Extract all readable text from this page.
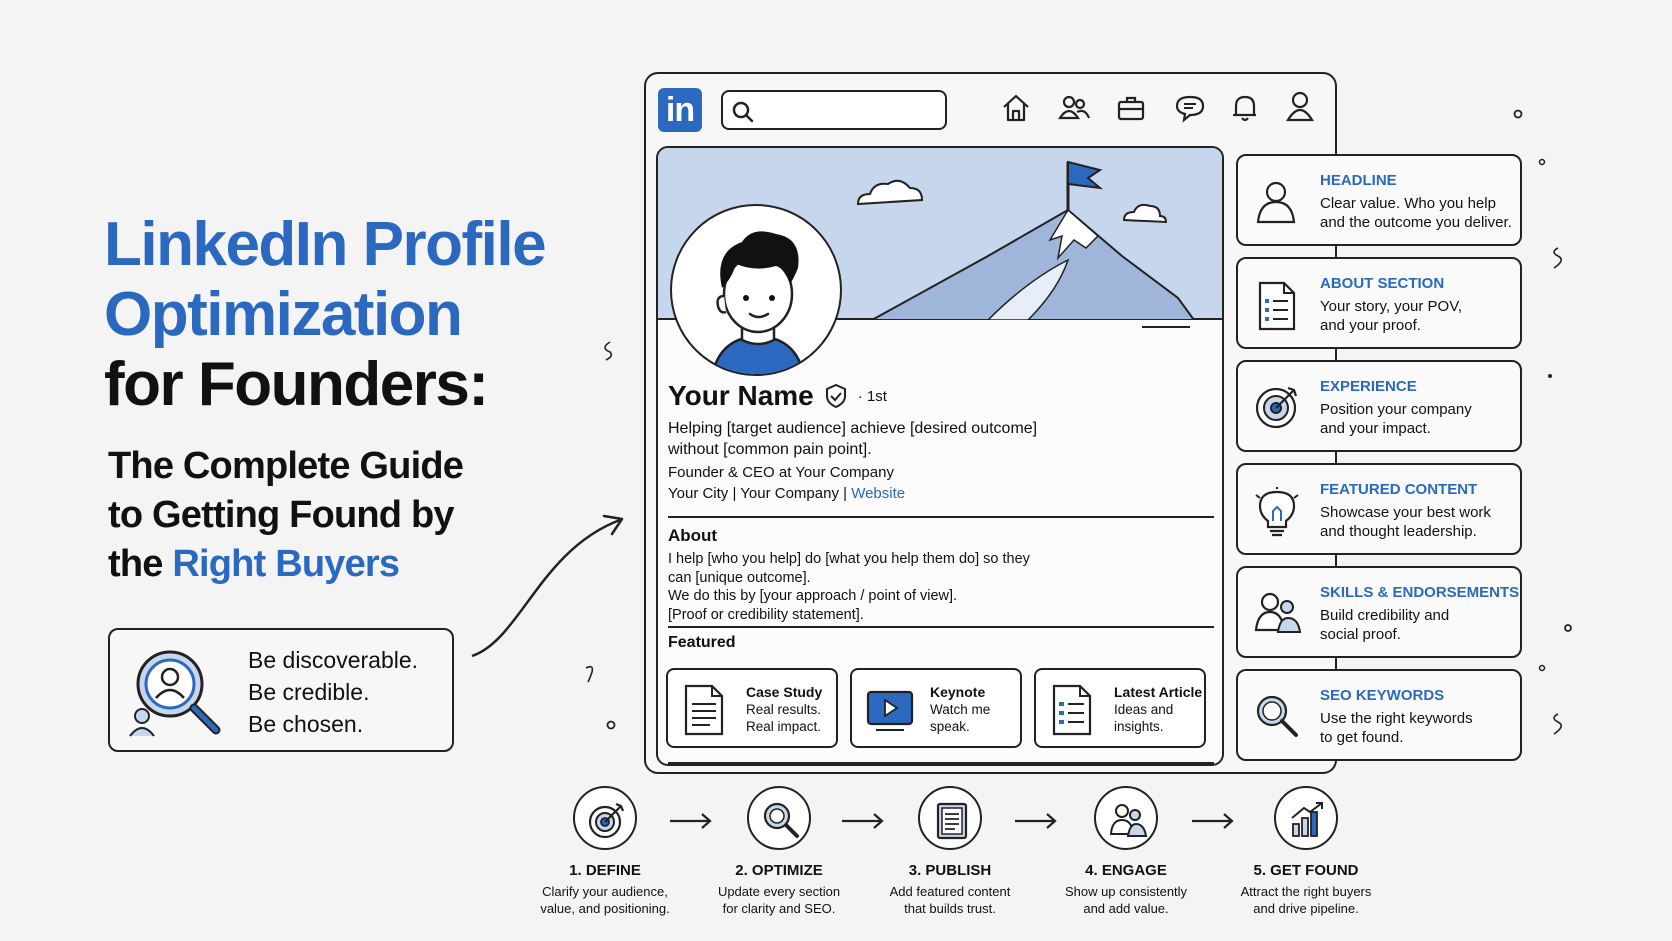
LinkedIn Profile
Optimization
for Founders:
The Complete Guide
to Getting Found by
the Right Buyers
Be discoverable.
Be credible.
Be chosen.
in
Your Name	· 1st
Helping [target audience] achieve [desired outcome]
without [common pain point].
Founder & CEO at Your Company
Your City | Your Company | Website
About
I help [who you help] do [what you help them do] so they
can [unique outcome].
We do this by [your approach / point of view].
[Proof or credibility statement].
Featured
Case Study
Real results.
Real impact.
Keynote
Watch me
speak.
Latest Article
Ideas and
insights.
HEADLINE
Clear value. Who you help
and the outcome you deliver.
ABOUT SECTION
Your story, your POV,
and your proof.
EXPERIENCE
Position your company
and your impact.
FEATURED CONTENT
Showcase your best work
and thought leadership.
SKILLS & ENDORSEMENTS
Build credibility and
social proof.
SEO KEYWORDS
Use the right keywords
to get found.
1. DEFINE
Clarify your audience,
value, and positioning.
2. OPTIMIZE
Update every section
for clarity and SEO.
3. PUBLISH
Add featured content
that builds trust.
4. ENGAGE
Show up consistently
and add value.
5. GET FOUND
Attract the right buyers
and drive pipeline.
